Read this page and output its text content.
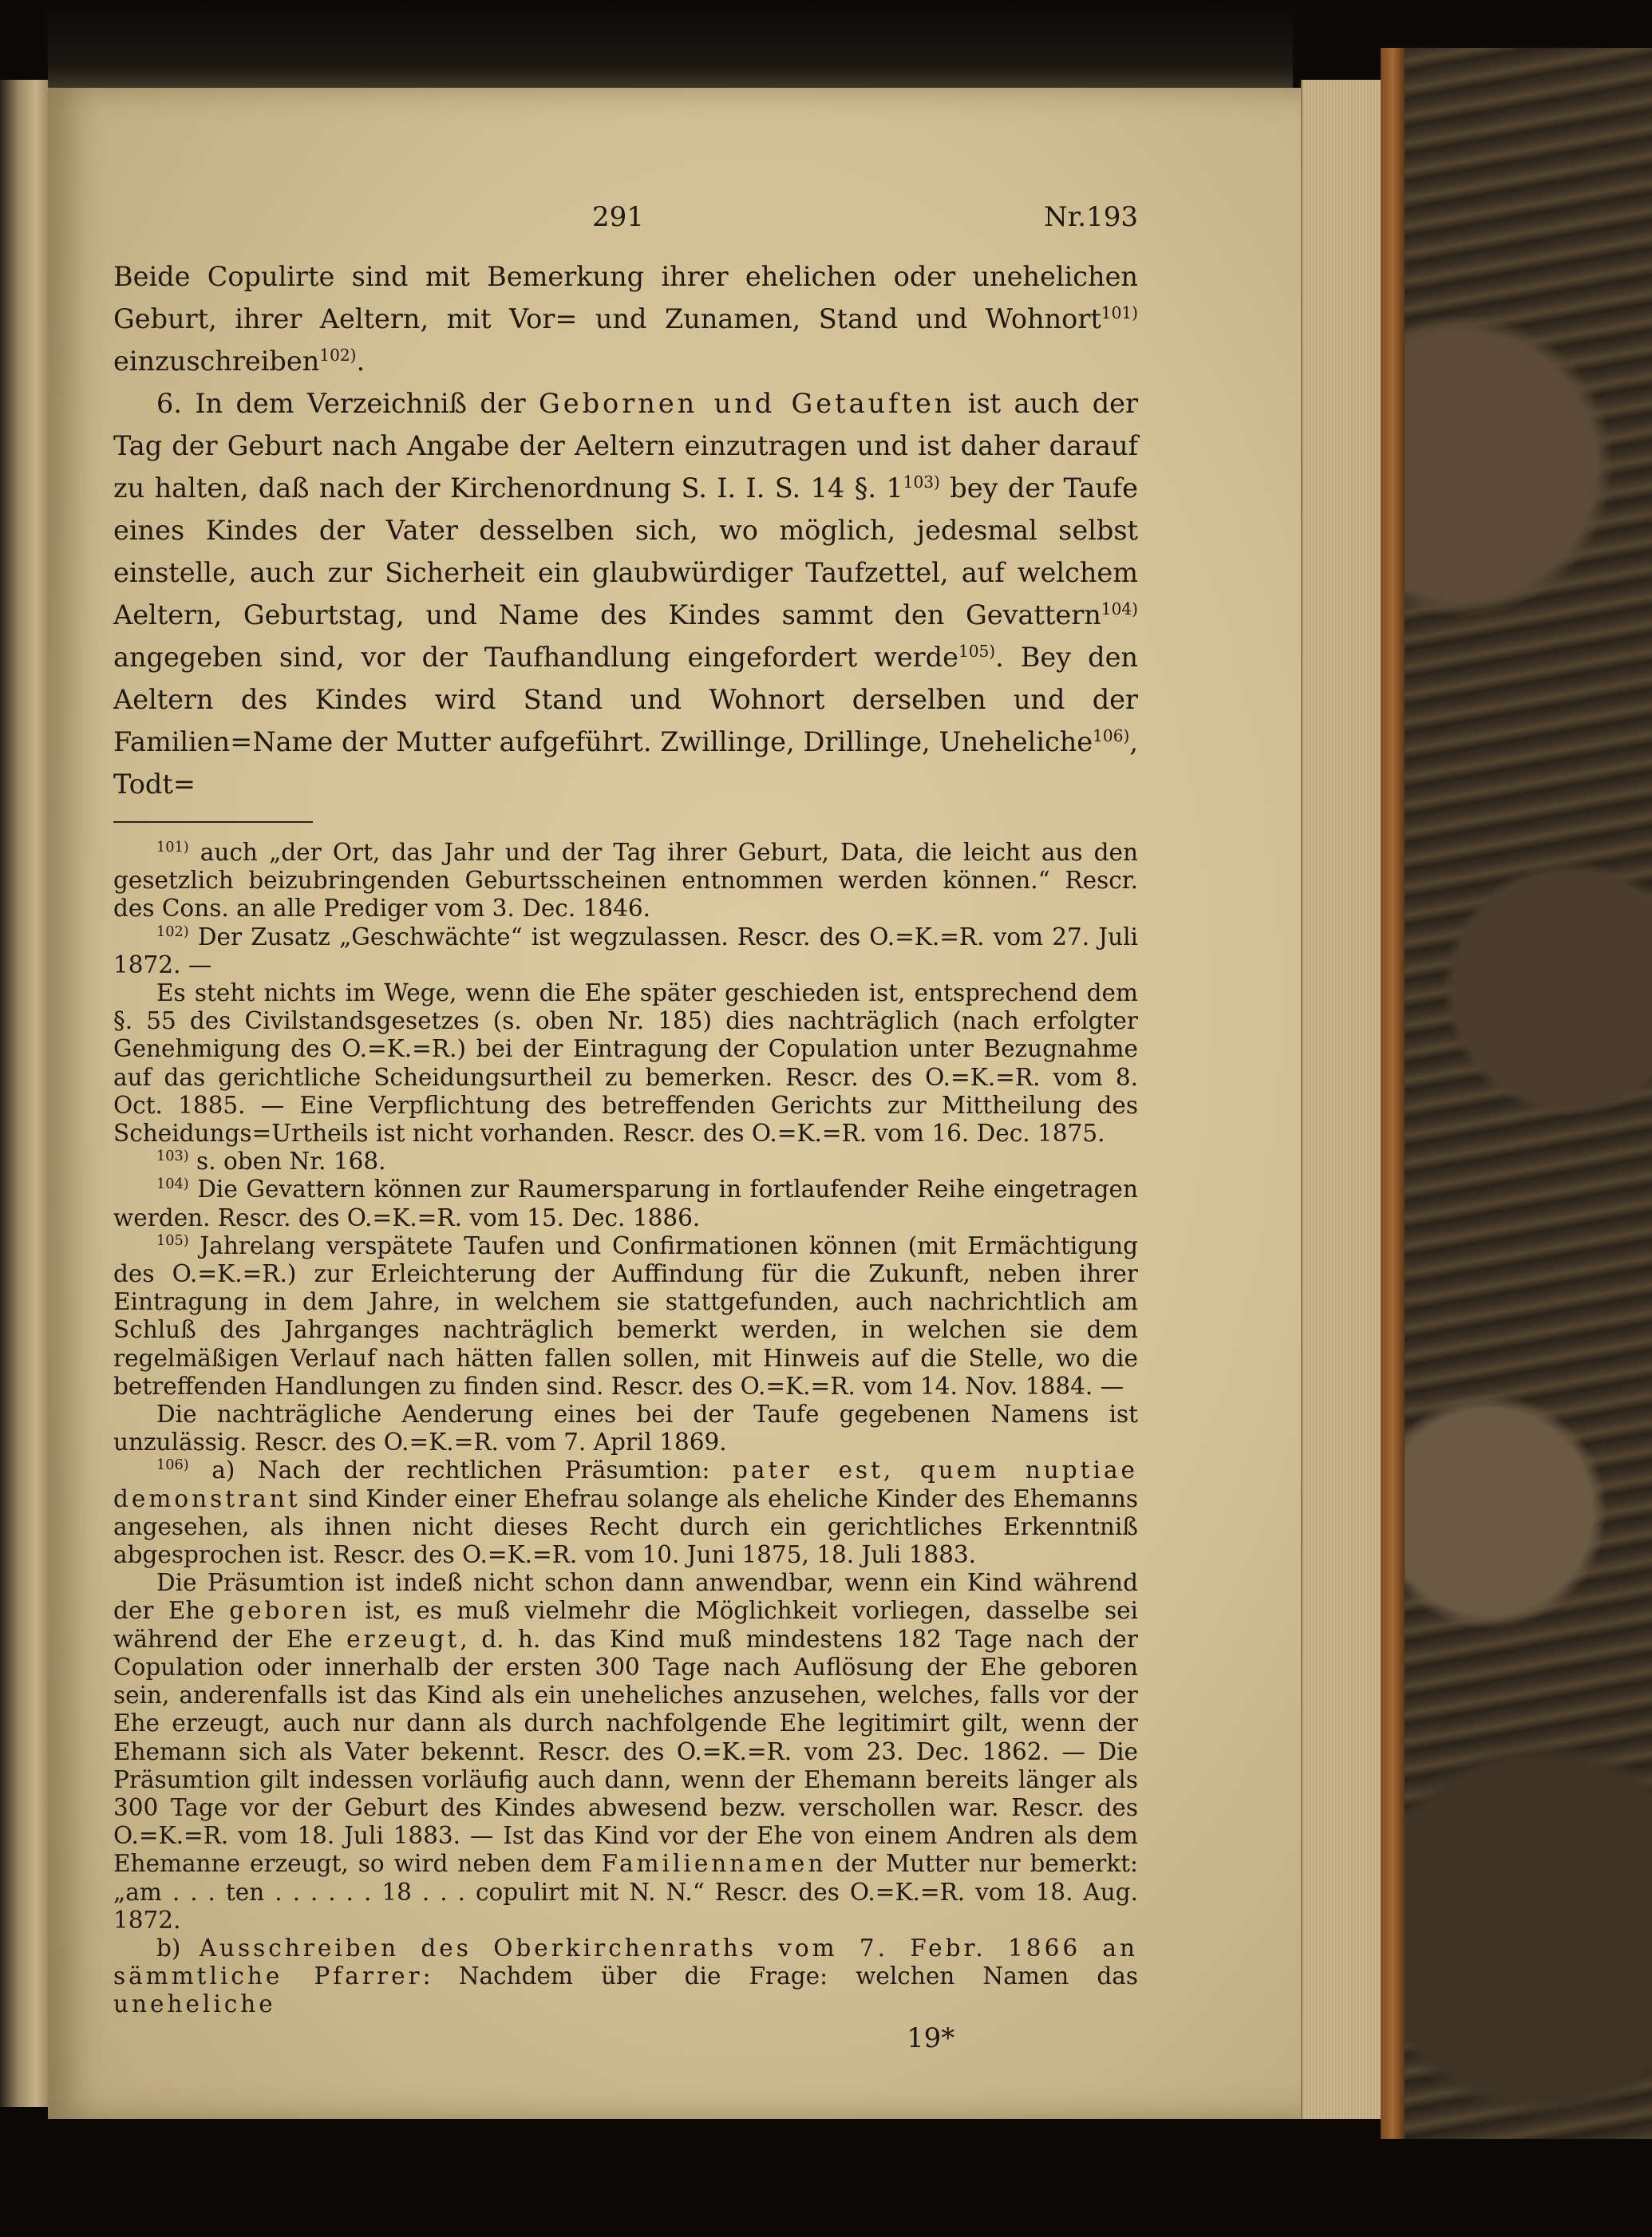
291	Nr.193

Beide Copulirte sind mit Bemerkung ihrer ehelichen oder unehelichen Geburt, ihrer Aeltern, mit Vor= und Zunamen, Stand und Wohnort$^{101)}$ einzuschreiben$^{102)}$.

6. In dem Verzeichniß der Gebornen und Getauften ist auch der Tag der Geburt nach Angabe der Aeltern einzutragen und ist daher darauf zu halten, daß nach der Kirchenordnung S. I. I. S. 14 §. 1$^{103)}$ bey der Taufe eines Kindes der Vater desselben sich, wo möglich, jedesmal selbst einstelle, auch zur Sicherheit ein glaubwürdiger Taufzettel, auf welchem Aeltern, Geburtstag, und Name des Kindes sammt den Gevattern$^{104)}$ angegeben sind, vor der Taufhandlung eingefordert werde$^{105)}$. Bey den Aeltern des Kindes wird Stand und Wohnort derselben und der Familien=Name der Mutter aufgeführt. Zwillinge, Drillinge, Uneheliche$^{106)}$, Todt=

$^{101)}$ auch „der Ort, das Jahr und der Tag ihrer Geburt, Data, die leicht aus den gesetzlich beizubringenden Geburtsscheinen entnommen werden können.“ Rescr. des Cons. an alle Prediger vom 3. Dec. 1846.

$^{102)}$ Der Zusatz „Geschwächte“ ist wegzulassen. Rescr. des O.=K.=R. vom 27. Juli 1872. —

Es steht nichts im Wege, wenn die Ehe später geschieden ist, entsprechend dem §. 55 des Civilstandsgesetzes (s. oben Nr. 185) dies nachträglich (nach erfolgter Genehmigung des O.=K.=R.) bei der Eintragung der Copulation unter Bezugnahme auf das gerichtliche Scheidungsurtheil zu bemerken. Rescr. des O.=K.=R. vom 8. Oct. 1885. — Eine Verpflichtung des betreffenden Gerichts zur Mittheilung des Scheidungs=Urtheils ist nicht vorhanden. Rescr. des O.=K.=R. vom 16. Dec. 1875.

$^{103)}$ s. oben Nr. 168.

$^{104)}$ Die Gevattern können zur Raumersparung in fortlaufender Reihe eingetragen werden. Rescr. des O.=K.=R. vom 15. Dec. 1886.

$^{105)}$ Jahrelang verspätete Taufen und Confirmationen können (mit Ermächtigung des O.=K.=R.) zur Erleichterung der Auffindung für die Zukunft, neben ihrer Eintragung in dem Jahre, in welchem sie stattgefunden, auch nachrichtlich am Schluß des Jahrganges nachträglich bemerkt werden, in welchen sie dem regelmäßigen Verlauf nach hätten fallen sollen, mit Hinweis auf die Stelle, wo die betreffenden Handlungen zu finden sind. Rescr. des O.=K.=R. vom 14. Nov. 1884. —

Die nachträgliche Aenderung eines bei der Taufe gegebenen Namens ist unzulässig. Rescr. des O.=K.=R. vom 7. April 1869.

$^{106)}$ a) Nach der rechtlichen Präsumtion: pater est, quem nuptiae demonstrant sind Kinder einer Ehefrau solange als eheliche Kinder des Ehemanns angesehen, als ihnen nicht dieses Recht durch ein gerichtliches Erkenntniß abgesprochen ist. Rescr. des O.=K.=R. vom 10. Juni 1875, 18. Juli 1883.

Die Präsumtion ist indeß nicht schon dann anwendbar, wenn ein Kind während der Ehe geboren ist, es muß vielmehr die Möglichkeit vorliegen, dasselbe sei während der Ehe erzeugt, d. h. das Kind muß mindestens 182 Tage nach der Copulation oder innerhalb der ersten 300 Tage nach Auflösung der Ehe geboren sein, anderenfalls ist das Kind als ein uneheliches anzusehen, welches, falls vor der Ehe erzeugt, auch nur dann als durch nachfolgende Ehe legitimirt gilt, wenn der Ehemann sich als Vater bekennt. Rescr. des O.=K.=R. vom 23. Dec. 1862. — Die Präsumtion gilt indessen vorläufig auch dann, wenn der Ehemann bereits länger als 300 Tage vor der Geburt des Kindes abwesend bezw. verschollen war. Rescr. des O.=K.=R. vom 18. Juli 1883. — Ist das Kind vor der Ehe von einem Andren als dem Ehemanne erzeugt, so wird neben dem Familiennamen der Mutter nur bemerkt: „am . . . ten . . . . . . 18 . . . copulirt mit N. N.“ Rescr. des O.=K.=R. vom 18. Aug. 1872.

b) Ausschreiben des Oberkirchenraths vom 7. Febr. 1866 an sämmtliche Pfarrer: Nachdem über die Frage: welchen Namen das uneheliche

19*
